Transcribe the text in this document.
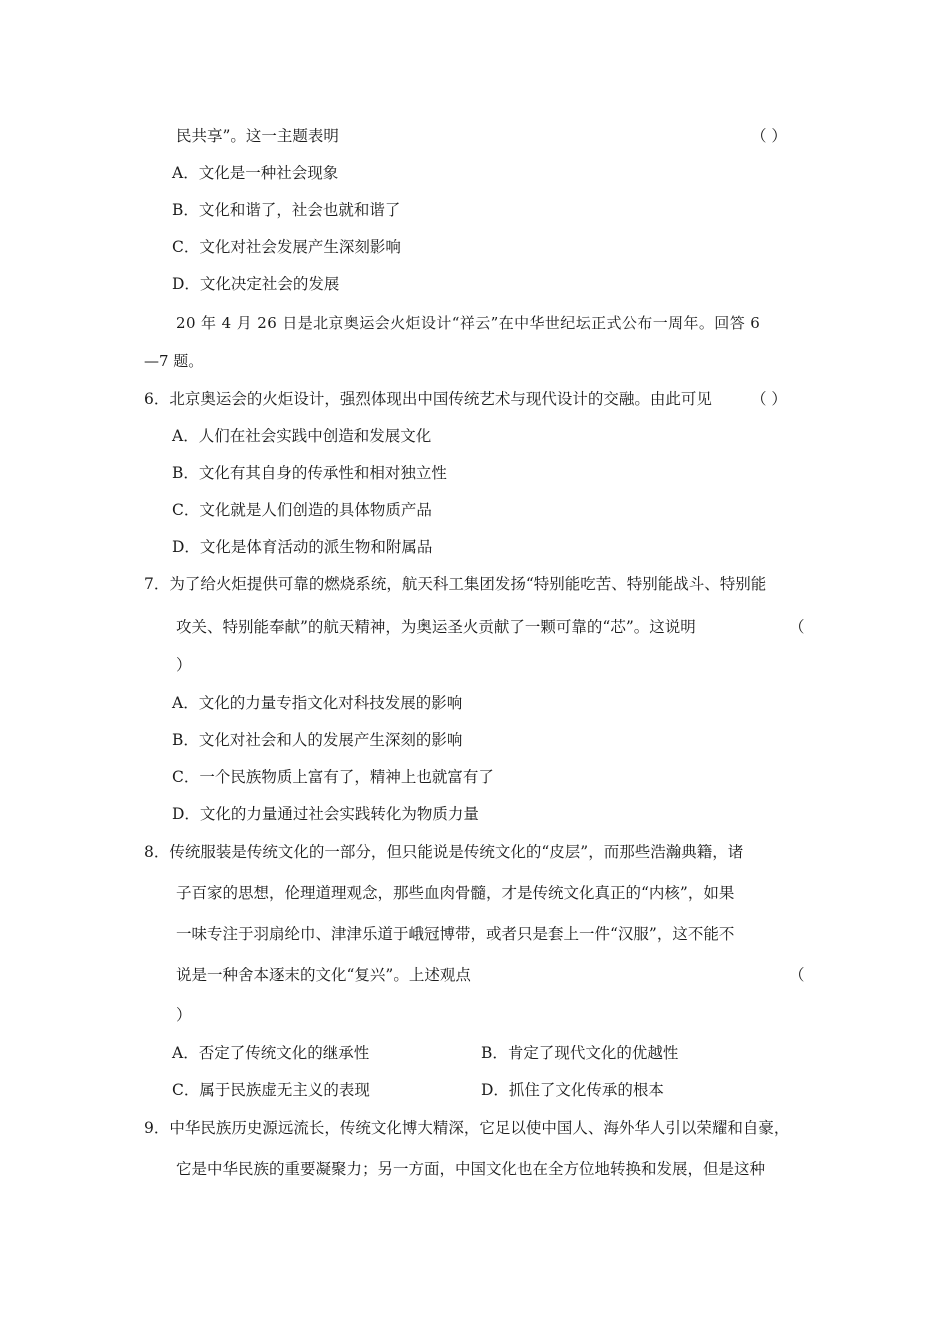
民共享”。这一主题表明	（ ）
A．文化是一种社会现象
B．文化和谐了，社会也就和谐了
C．文化对社会发展产生深刻影响
D．文化决定社会的发展
20 年 4 月 26 日是北京奥运会火炬设计“祥云”在中华世纪坛正式公布一周年。回答 6
—7 题。
6．北京奥运会的火炬设计，强烈体现出中国传统艺术与现代设计的交融。由此可见	（ ）
A．人们在社会实践中创造和发展文化
B．文化有其自身的传承性和相对独立性
C．文化就是人们创造的具体物质产品
D．文化是体育活动的派生物和附属品
7．为了给火炬提供可靠的燃烧系统，航天科工集团发扬“特别能吃苦、特别能战斗、特别能
攻关、特别能奉献”的航天精神，为奥运圣火贡献了一颗可靠的“芯”。这说明	（
）
A．文化的力量专指文化对科技发展的影响
B．文化对社会和人的发展产生深刻的影响
C．一个民族物质上富有了，精神上也就富有了
D．文化的力量通过社会实践转化为物质力量
8．传统服装是传统文化的一部分，但只能说是传统文化的“皮层”，而那些浩瀚典籍，诸
子百家的思想，伦理道理观念，那些血肉骨髓，才是传统文化真正的“内核”，如果
一味专注于羽扇纶巾、津津乐道于峨冠博带，或者只是套上一件“汉服”，这不能不
说是一种舍本逐末的文化“复兴”。上述观点	（
）
A．否定了传统文化的继承性	B．肯定了现代文化的优越性
C．属于民族虚无主义的表现	D．抓住了文化传承的根本
9．中华民族历史源远流长，传统文化博大精深，它足以使中国人、海外华人引以荣耀和自豪，
它是中华民族的重要凝聚力；另一方面，中国文化也在全方位地转换和发展，但是这种
